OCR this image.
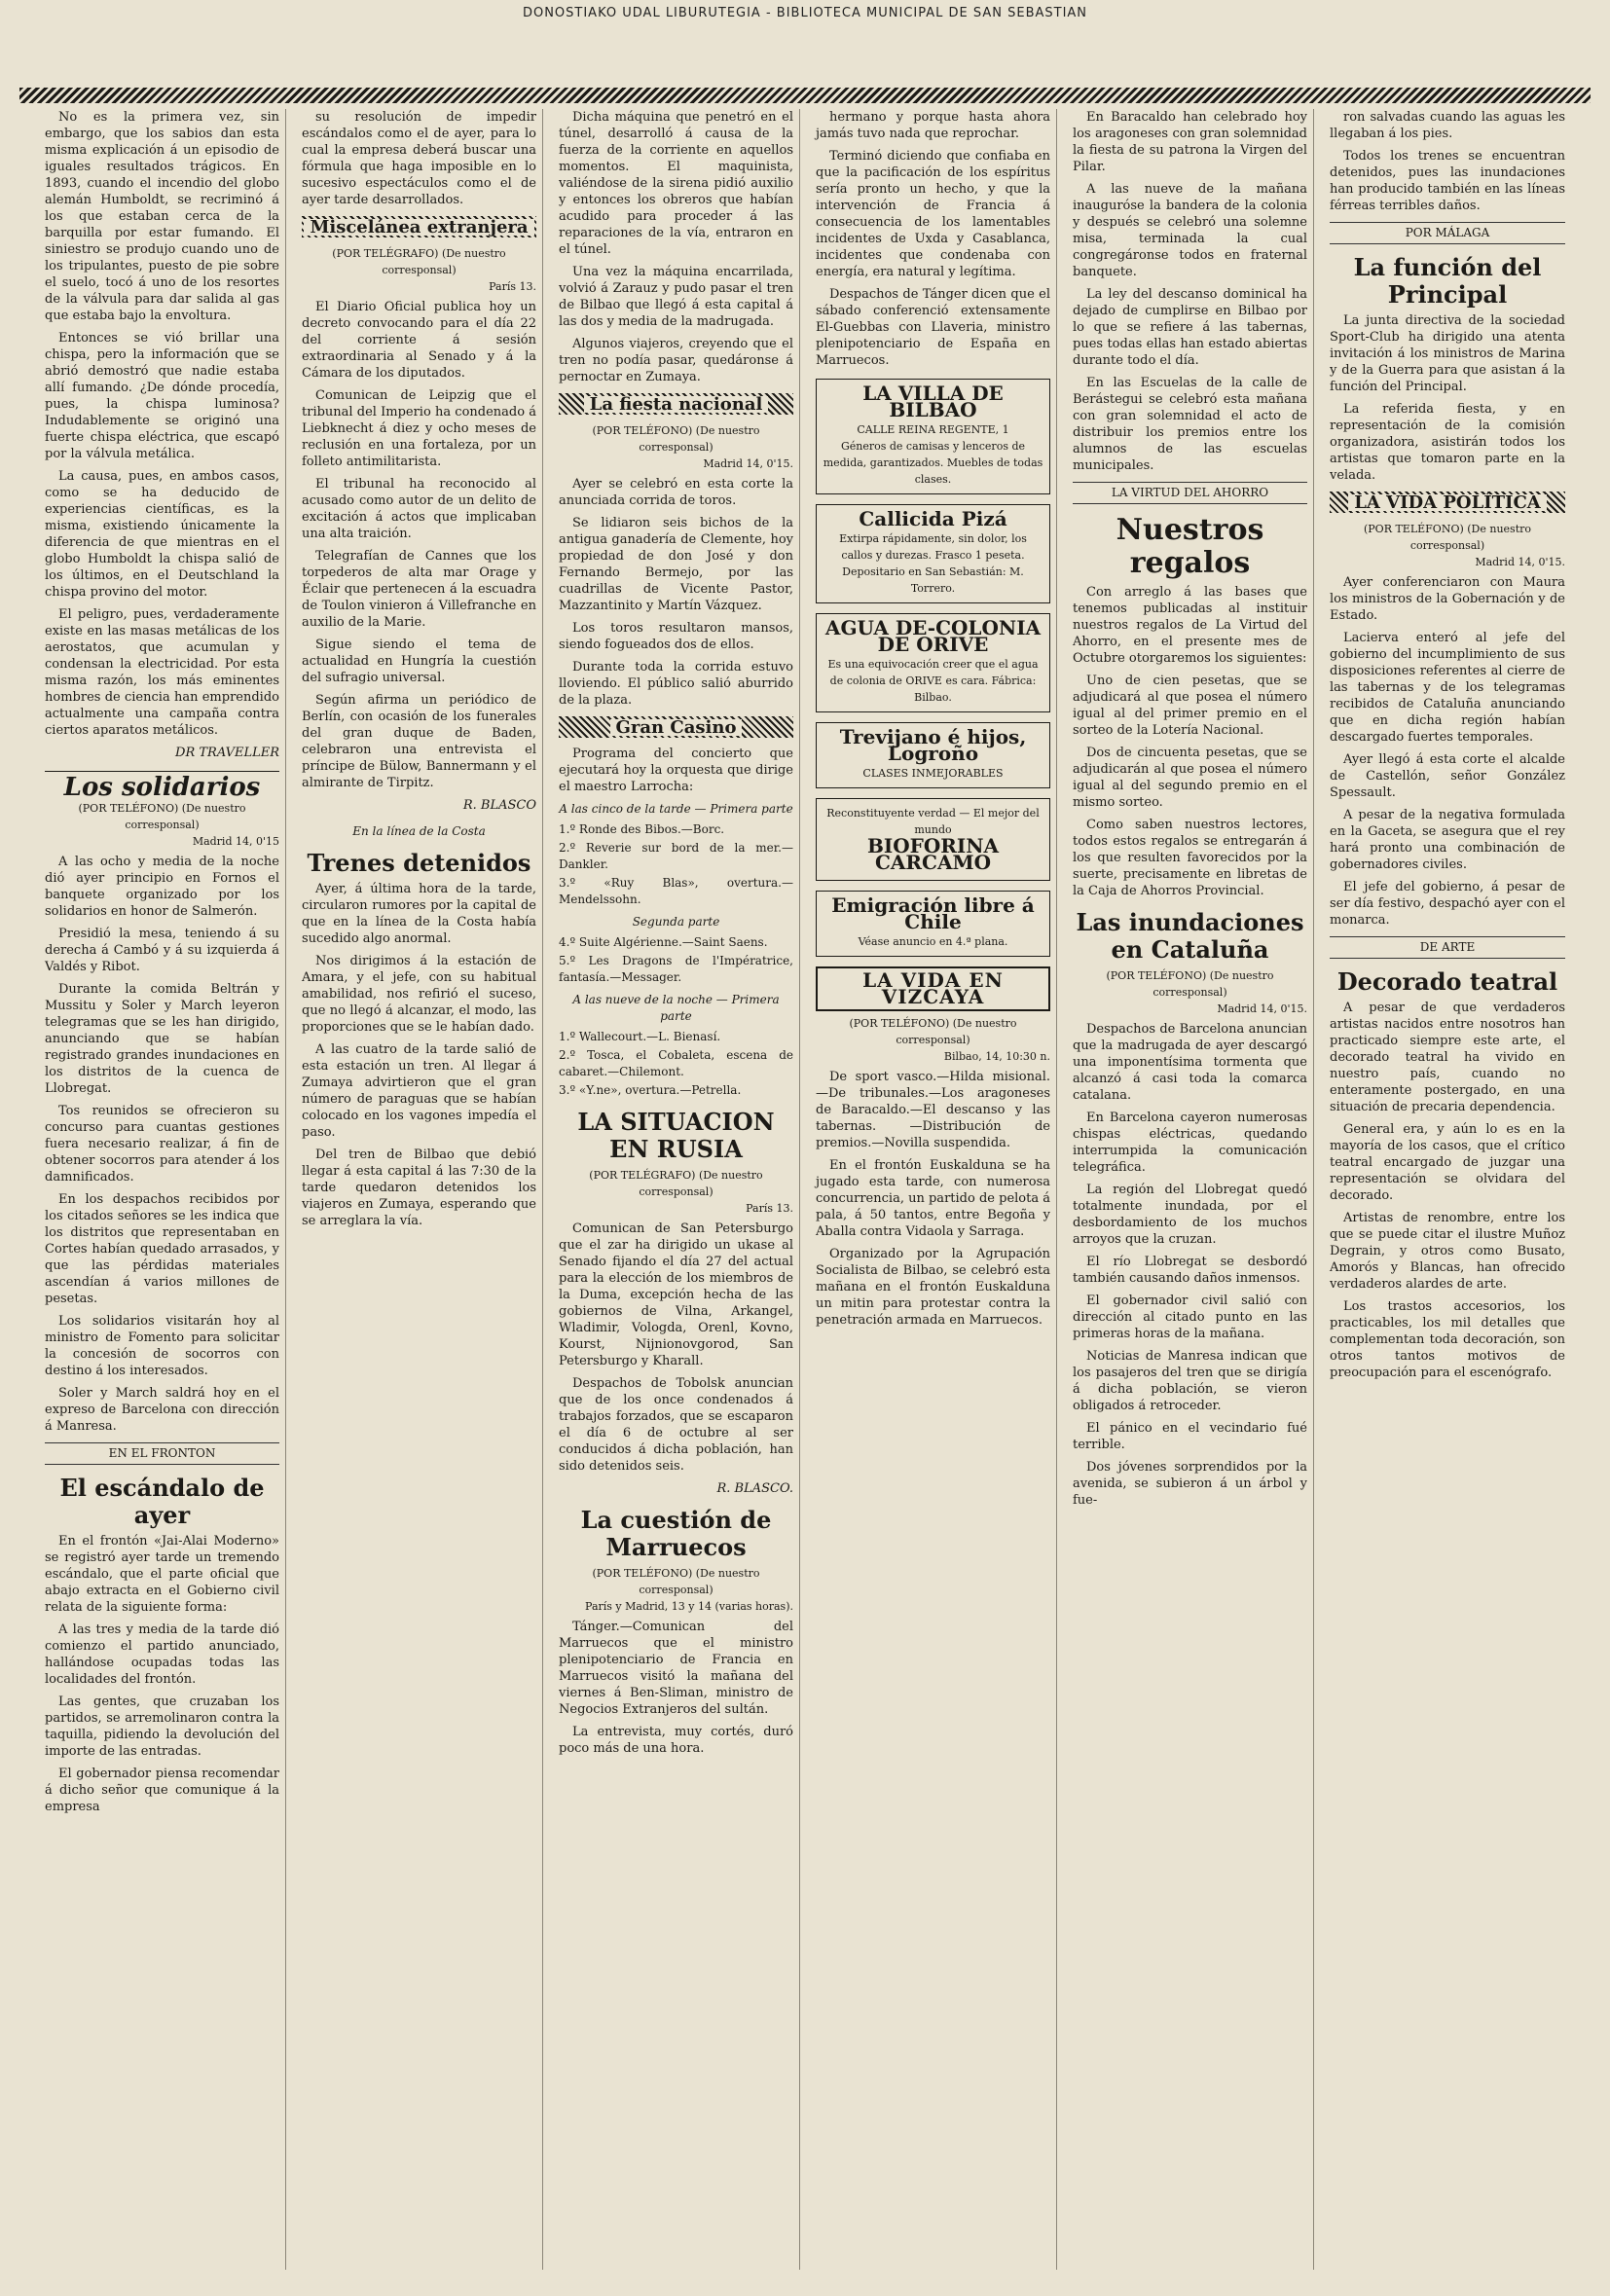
DONOSTIAKO UDAL LIBURUTEGIA - BIBLIOTECA MUNICIPAL DE SAN SEBASTIAN

No es la primera vez, sin embargo, que los sabios dan esta misma explicación á un episodio de iguales resultados trágicos. En 1893, cuando el incendio del globo alemán Humboldt, se recriminó á los que estaban cerca de la barquilla por estar fumando. El siniestro se produjo cuando uno de los tripulantes, puesto de pie sobre el suelo, tocó á uno de los resortes de la válvula para dar salida al gas que estaba bajo la envoltura.

Entonces se vió brillar una chispa, pero la información que se abrió demostró que nadie estaba allí fumando. ¿De dónde procedía, pues, la chispa luminosa? Indudablemente se originó una fuerte chispa eléctrica, que escapó por la válvula metálica.

La causa, pues, en ambos casos, como se ha deducido de experiencias científicas, es la misma, existiendo únicamente la diferencia de que mientras en el globo Humboldt la chispa salió de los últimos, en el Deutschland la chispa provino del motor.

El peligro, pues, verdaderamente existe en las masas metálicas de los aerostatos, que acumulan y condensan la electricidad. Por esta misma razón, los más eminentes hombres de ciencia han emprendido actualmente una campaña contra ciertos aparatos metálicos.

DR TRAVELLER
Los solidarios
(POR TELÉFONO) (De nuestro corresponsal)
Madrid 14, 0'15

A las ocho y media de la noche dió ayer principio en Fornos el banquete organizado por los solidarios en honor de Salmerón.

Presidió la mesa, teniendo á su derecha á Cambó y á su izquierda á Valdés y Ribot.

Durante la comida Beltrán y Mussitu y Soler y March leyeron telegramas que se les han dirigido, anunciando que se habían registrado grandes inundaciones en los distritos de la cuenca de Llobregat.

Tos reunidos se ofrecieron su concurso para cuantas gestiones fuera necesario realizar, á fin de obtener socorros para atender á los damnificados.

En los despachos recibidos por los citados señores se les indica que los distritos que representaban en Cortes habían quedado arrasados, y que las pérdidas materiales ascendían á varios millones de pesetas.

Los solidarios visitarán hoy al ministro de Fomento para solicitar la concesión de socorros con destino á los interesados.

Soler y March saldrá hoy en el expreso de Barcelona con dirección á Manresa.

EN EL FRONTON
El escándalo de ayer

En el frontón «Jai-Alai Moderno» se registró ayer tarde un tremendo escándalo, que el parte oficial que abajo extracta en el Gobierno civil relata de la siguiente forma:

A las tres y media de la tarde dió comienzo el partido anunciado, hallándose ocupadas todas las localidades del frontón.

Las gentes, que cruzaban los partidos, se arremolinaron contra la taquilla, pidiendo la devolución del importe de las entradas.

El gobernador piensa recomendar á dicho señor que comunique á la empresa

su resolución de impedir escándalos como el de ayer, para lo cual la empresa deberá buscar una fórmula que haga imposible en lo sucesivo espectáculos como el de ayer tarde desarrollados.

Miscelánea extranjera
(POR TELÉGRAFO) (De nuestro corresponsal)
París 13.

El Diario Oficial publica hoy un decreto convocando para el día 22 del corriente á sesión extraordinaria al Senado y á la Cámara de los diputados.

Comunican de Leipzig que el tribunal del Imperio ha condenado á Liebknecht á diez y ocho meses de reclusión en una fortaleza, por un folleto antimilitarista.

El tribunal ha reconocido al acusado como autor de un delito de excitación á actos que implicaban una alta traición.

Telegrafían de Cannes que los torpederos de alta mar Orage y Éclair que pertenecen á la escuadra de Toulon vinieron á Villefranche en auxilio de la Marie.

Sigue siendo el tema de actualidad en Hungría la cuestión del sufragio universal.

Según afirma un periódico de Berlín, con ocasión de los funerales del gran duque de Baden, celebraron una entrevista el príncipe de Bülow, Bannermann y el almirante de Tirpitz.

R. BLASCO
En la línea de la Costa
Trenes detenidos

Ayer, á última hora de la tarde, circularon rumores por la capital de que en la línea de la Costa había sucedido algo anormal.

Nos dirigimos á la estación de Amara, y el jefe, con su habitual amabilidad, nos refirió el suceso, que no llegó á alcanzar, el modo, las proporciones que se le habían dado.

A las cuatro de la tarde salió de esta estación un tren. Al llegar á Zumaya advirtieron que el gran número de paraguas que se habían colocado en los vagones impedía el paso.

Del tren de Bilbao que debió llegar á esta capital á las 7:30 de la tarde quedaron detenidos los viajeros en Zumaya, esperando que se arreglara la vía.

Dicha máquina que penetró en el túnel, desarrolló á causa de la fuerza de la corriente en aquellos momentos. El maquinista, valiéndose de la sirena pidió auxilio y entonces los obreros que habían acudido para proceder á las reparaciones de la vía, entraron en el túnel.

Una vez la máquina encarrilada, volvió á Zarauz y pudo pasar el tren de Bilbao que llegó á esta capital á las dos y media de la madrugada.

Algunos viajeros, creyendo que el tren no podía pasar, quedáronse á pernoctar en Zumaya.

La fiesta nacional
(POR TELÉFONO) (De nuestro corresponsal)
Madrid 14, 0'15.

Ayer se celebró en esta corte la anunciada corrida de toros.

Se lidiaron seis bichos de la antigua ganadería de Clemente, hoy propiedad de don José y don Fernando Bermejo, por las cuadrillas de Vicente Pastor, Mazzantinito y Martín Vázquez.

Los toros resultaron mansos, siendo fogueados dos de ellos.

Durante toda la corrida estuvo lloviendo. El público salió aburrido de la plaza.

Gran Casino

Programa del concierto que ejecutará hoy la orquesta que dirige el maestro Larrocha:

A las cinco de la tarde — Primera parte
1.º Ronde des Bibos.—Borc.
2.º Reverie sur bord de la mer.—Dankler.
3.º «Ruy Blas», overtura.—Mendelssohn.
Segunda parte
4.º Suite Algérienne.—Saint Saens.
5.º Les Dragons de l'Impératrice, fantasía.—Messager.
A las nueve de la noche — Primera parte
1.º Wallecourt.—L. Bienasí.
2.º Tosca, el Cobaleta, escena de cabaret.—Chilemont.
3.º «Y.ne», overtura.—Petrella.
LA SITUACION EN RUSIA
(POR TELÉGRAFO) (De nuestro corresponsal)
París 13.

Comunican de San Petersburgo que el zar ha dirigido un ukase al Senado fijando el día 27 del actual para la elección de los miembros de la Duma, excepción hecha de las gobiernos de Vilna, Arkangel, Wladimir, Vologda, Orenl, Kovno, Kourst, Nijnionovgorod, San Petersburgo y Kharall.

Despachos de Tobolsk anuncian que de los once condenados á trabajos forzados, que se escaparon el día 6 de octubre al ser conducidos á dicha población, han sido detenidos seis.

R. BLASCO.
La cuestión de Marruecos
(POR TELÉFONO) (De nuestro corresponsal)
París y Madrid, 13 y 14 (varias horas).

Tánger.—Comunican del Marruecos que el ministro plenipotenciario de Francia en Marruecos visitó la mañana del viernes á Ben-Sliman, ministro de Negocios Extranjeros del sultán.

La entrevista, muy cortés, duró poco más de una hora.

hermano y porque hasta ahora jamás tuvo nada que reprochar.

Terminó diciendo que confiaba en que la pacificación de los espíritus sería pronto un hecho, y que la intervención de Francia á consecuencia de los lamentables incidentes de Uxda y Casablanca, incidentes que condenaba con energía, era natural y legítima.

Despachos de Tánger dicen que el sábado conferenció extensamente El-Guebbas con Llaveria, ministro plenipotenciario de España en Marruecos.

LA VILLA DE BILBAO
CALLE REINA REGENTE, 1
Géneros de camisas y lenceros de medida, garantizados. Muebles de todas clases.
Callicida Pizá
Extirpa rápidamente, sin dolor, los callos y durezas. Frasco 1 peseta. Depositario en San Sebastián: M. Torrero.
AGUA DE-COLONIA DE ORIVE
Es una equivocación creer que el agua de colonia de ORIVE es cara. Fábrica: Bilbao.
Trevijano é hijos, Logroño
CLASES INMEJORABLES
Reconstituyente verdad — El mejor del mundo
BIOFORINA CARCAMO
Emigración libre á Chile
Véase anuncio en 4.ª plana.
LA VIDA EN VIZCAYA
(POR TELÉFONO) (De nuestro corresponsal)
Bilbao, 14, 10:30 n.

De sport vasco.—Hilda misional. —De tribunales.—Los aragoneses de Baracaldo.—El descanso y las tabernas. —Distribución de premios.—Novilla suspendida.

En el frontón Euskalduna se ha jugado esta tarde, con numerosa concurrencia, un partido de pelota á pala, á 50 tantos, entre Begoña y Aballa contra Vidaola y Sarraga.

Organizado por la Agrupación Socialista de Bilbao, se celebró esta mañana en el frontón Euskalduna un mitin para protestar contra la penetración armada en Marruecos.

En Baracaldo han celebrado hoy los aragoneses con gran solemnidad la fiesta de su patrona la Virgen del Pilar.

A las nueve de la mañana inauguróse la bandera de la colonia y después se celebró una solemne misa, terminada la cual congregáronse todos en fraternal banquete.

La ley del descanso dominical ha dejado de cumplirse en Bilbao por lo que se refiere á las tabernas, pues todas ellas han estado abiertas durante todo el día.

En las Escuelas de la calle de Berástegui se celebró esta mañana con gran solemnidad el acto de distribuir los premios entre los alumnos de las escuelas municipales.

LA VIRTUD DEL AHORRO
Nuestros regalos

Con arreglo á las bases que tenemos publicadas al instituir nuestros regalos de La Virtud del Ahorro, en el presente mes de Octubre otorgaremos los siguientes:

Uno de cien pesetas, que se adjudicará al que posea el número igual al del primer premio en el sorteo de la Lotería Nacional.

Dos de cincuenta pesetas, que se adjudicarán al que posea el número igual al del segundo premio en el mismo sorteo.

Como saben nuestros lectores, todos estos regalos se entregarán á los que resulten favorecidos por la suerte, precisamente en libretas de la Caja de Ahorros Provincial.

Las inundaciones en Cataluña
(POR TELÉFONO) (De nuestro corresponsal)
Madrid 14, 0'15.

Despachos de Barcelona anuncian que la madrugada de ayer descargó una imponentísima tormenta que alcanzó á casi toda la comarca catalana.

En Barcelona cayeron numerosas chispas eléctricas, quedando interrumpida la comunicación telegráfica.

La región del Llobregat quedó totalmente inundada, por el desbordamiento de los muchos arroyos que la cruzan.

El río Llobregat se desbordó también causando daños inmensos.

El gobernador civil salió con dirección al citado punto en las primeras horas de la mañana.

Noticias de Manresa indican que los pasajeros del tren que se dirigía á dicha población, se vieron obligados á retroceder.

El pánico en el vecindario fué terrible.

Dos jóvenes sorprendidos por la avenida, se subieron á un árbol y fue-

ron salvadas cuando las aguas les llegaban á los pies.

Todos los trenes se encuentran detenidos, pues las inundaciones han producido también en las líneas férreas terribles daños.

POR MÁLAGA
La función del Principal

La junta directiva de la sociedad Sport-Club ha dirigido una atenta invitación á los ministros de Marina y de la Guerra para que asistan á la función del Principal.

La referida fiesta, y en representación de la comisión organizadora, asistirán todos los artistas que tomaron parte en la velada.

LA VIDA POLÍTICA
(POR TELÉFONO) (De nuestro corresponsal)
Madrid 14, 0'15.

Ayer conferenciaron con Maura los ministros de la Gobernación y de Estado.

Lacierva enteró al jefe del gobierno del incumplimiento de sus disposiciones referentes al cierre de las tabernas y de los telegramas recibidos de Cataluña anunciando que en dicha región habían descargado fuertes temporales.

Ayer llegó á esta corte el alcalde de Castellón, señor González Spessault.

A pesar de la negativa formulada en la Gaceta, se asegura que el rey hará pronto una combinación de gobernadores civiles.

El jefe del gobierno, á pesar de ser día festivo, despachó ayer con el monarca.

DE ARTE
Decorado teatral

A pesar de que verdaderos artistas nacidos entre nosotros han practicado siempre este arte, el decorado teatral ha vivido en nuestro país, cuando no enteramente postergado, en una situación de precaria dependencia.

General era, y aún lo es en la mayoría de los casos, que el crítico teatral encargado de juzgar una representación se olvidara del decorado.

Artistas de renombre, entre los que se puede citar el ilustre Muñoz Degrain, y otros como Busato, Amorós y Blancas, han ofrecido verdaderos alardes de arte.

Los trastos accesorios, los practicables, los mil detalles que complementan toda decoración, son otros tantos motivos de preocupación para el escenógrafo.
